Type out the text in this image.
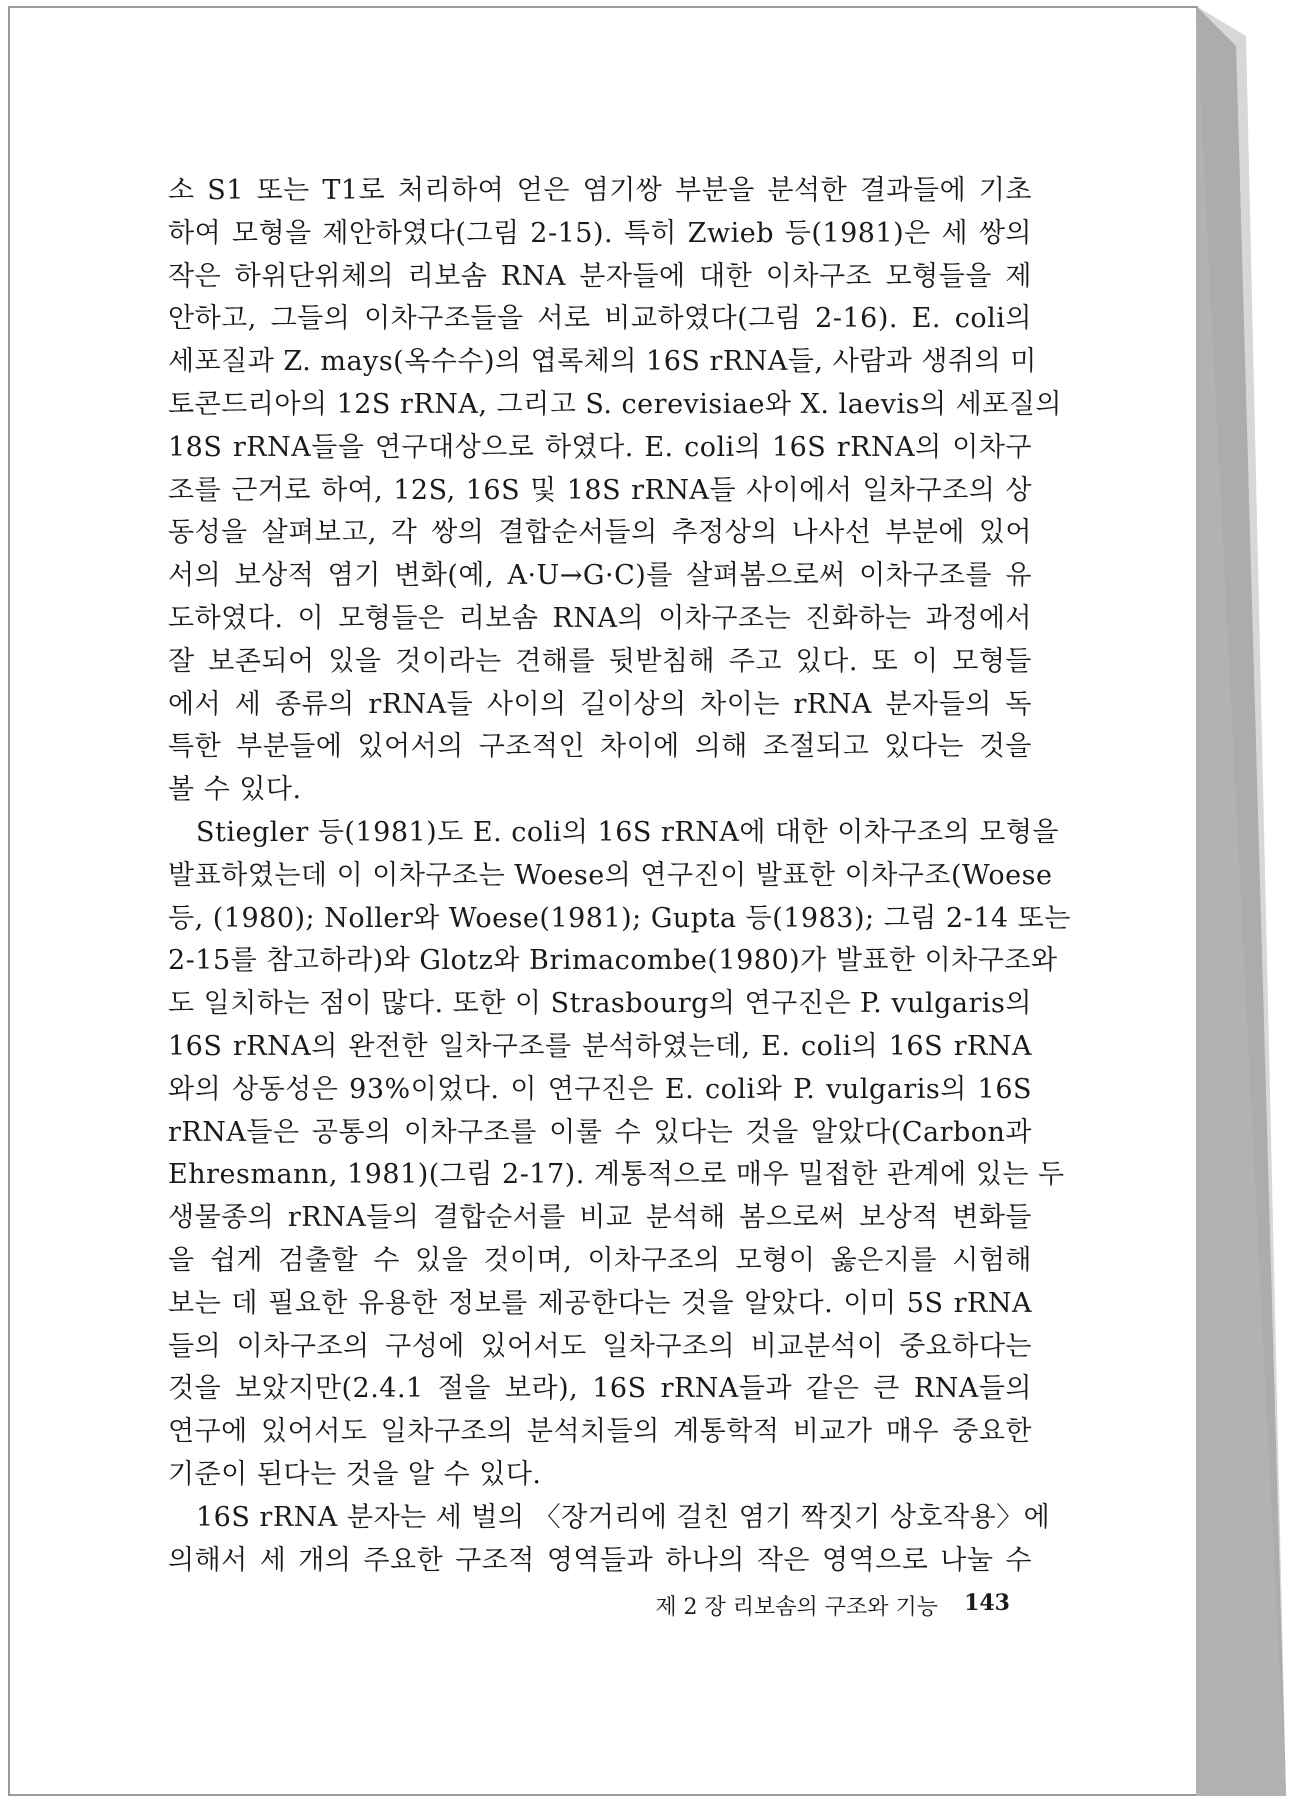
소 S1 또는 T1로 처리하여 얻은 염기쌍 부분을 분석한 결과들에 기초
하여 모형을 제안하였다(그림 2-15). 특히 Zwieb 등(1981)은 세 쌍의
작은 하위단위체의 리보솜 RNA 분자들에 대한 이차구조 모형들을 제
안하고, 그들의 이차구조들을 서로 비교하였다(그림 2-16). E. coli의
세포질과 Z. mays(옥수수)의 엽록체의 16S rRNA들, 사람과 생쥐의 미
토콘드리아의 12S rRNA, 그리고 S. cerevisiae와 X. laevis의 세포질의
18S rRNA들을 연구대상으로 하였다. E. coli의 16S rRNA의 이차구
조를 근거로 하여, 12S, 16S 및 18S rRNA들 사이에서 일차구조의 상
동성을 살펴보고, 각 쌍의 결합순서들의 추정상의 나사선 부분에 있어
서의 보상적 염기 변화(예, A·U→G·C)를 살펴봄으로써 이차구조를 유
도하였다. 이 모형들은 리보솜 RNA의 이차구조는 진화하는 과정에서
잘 보존되어 있을 것이라는 견해를 뒷받침해 주고 있다. 또 이 모형들
에서 세 종류의 rRNA들 사이의 길이상의 차이는 rRNA 분자들의 독
특한 부분들에 있어서의 구조적인 차이에 의해 조절되고 있다는 것을
볼 수 있다.

Stiegler 등(1981)도 E. coli의 16S rRNA에 대한 이차구조의 모형을
발표하였는데 이 이차구조는 Woese의 연구진이 발표한 이차구조(Woese
등, (1980); Noller와 Woese(1981); Gupta 등(1983); 그림 2-14 또는
2-15를 참고하라)와 Glotz와 Brimacombe(1980)가 발표한 이차구조와
도 일치하는 점이 많다. 또한 이 Strasbourg의 연구진은 P. vulgaris의
16S rRNA의 완전한 일차구조를 분석하였는데, E. coli의 16S rRNA
와의 상동성은 93%이었다. 이 연구진은 E. coli와 P. vulgaris의 16S
rRNA들은 공통의 이차구조를 이룰 수 있다는 것을 알았다(Carbon과
Ehresmann, 1981)(그림 2-17). 계통적으로 매우 밀접한 관계에 있는 두
생물종의 rRNA들의 결합순서를 비교 분석해 봄으로써 보상적 변화들
을 쉽게 검출할 수 있을 것이며, 이차구조의 모형이 옳은지를 시험해
보는 데 필요한 유용한 정보를 제공한다는 것을 알았다. 이미 5S rRNA
들의 이차구조의 구성에 있어서도 일차구조의 비교분석이 중요하다는
것을 보았지만(2.4.1 절을 보라), 16S rRNA들과 같은 큰 RNA들의
연구에 있어서도 일차구조의 분석치들의 계통학적 비교가 매우 중요한
기준이 된다는 것을 알 수 있다.

16S rRNA 분자는 세 벌의 〈장거리에 걸친 염기 짝짓기 상호작용〉에
의해서 세 개의 주요한 구조적 영역들과 하나의 작은 영역으로 나눌 수

제 2 장 리보솜의 구조와 기능 143
